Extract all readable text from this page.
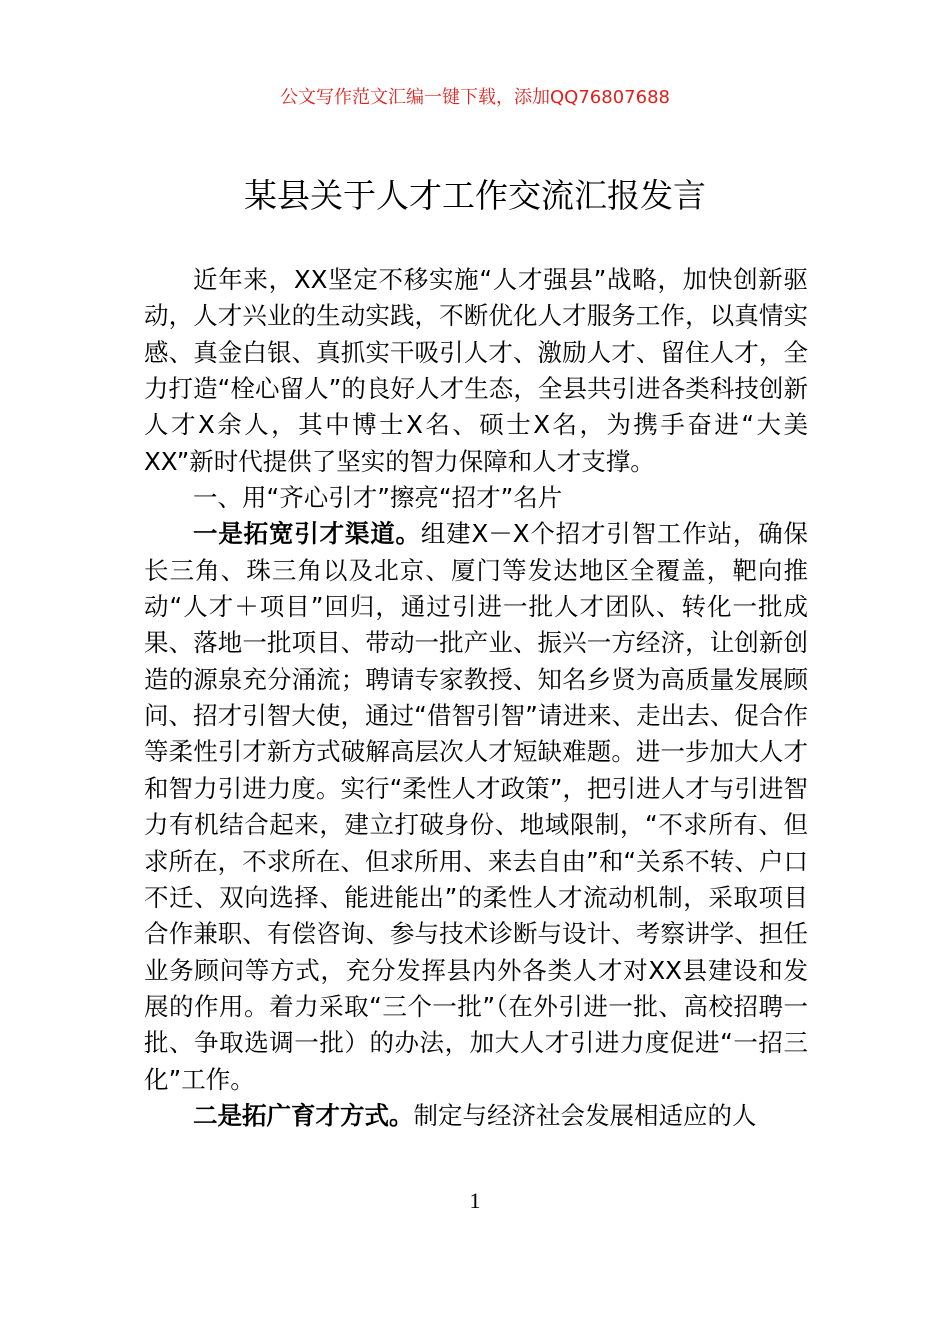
公文写作范文汇编一键下载，添加QQ76807688
某县关于人才工作交流汇报发言

近年来，XX坚定不移实施“人才强县”战略，加快创新驱动，人才兴业的生动实践，不断优化人才服务工作，以真情实感、真金白银、真抓实干吸引人才、激励人才、留住人才，全力打造“栓心留人”的良好人才生态，全县共引进各类科技创新人才X余人，其中博士X名、硕士X名，为携手奋进“大美XX”新时代提供了坚实的智力保障和人才支撑。

一、用“齐心引才”擦亮“招才”名片

一是拓宽引才渠道。组建X－X个招才引智工作站，确保长三角、珠三角以及北京、厦门等发达地区全覆盖，靶向推动“人才＋项目”回归，通过引进一批人才团队、转化一批成果、落地一批项目、带动一批产业、振兴一方经济，让创新创造的源泉充分涌流；聘请专家教授、知名乡贤为高质量发展顾问、招才引智大使，通过“借智引智”请进来、走出去、促合作等柔性引才新方式破解高层次人才短缺难题。进一步加大人才和智力引进力度。实行“柔性人才政策”，把引进人才与引进智力有机结合起来，建立打破身份、地域限制，“不求所有、但求所在，不求所在、但求所用、来去自由”和“关系不转、户口不迁、双向选择、能进能出”的柔性人才流动机制，采取项目合作兼职、有偿咨询、参与技术诊断与设计、考察讲学、担任业务顾问等方式，充分发挥县内外各类人才对XX县建设和发展的作用。着力采取“三个一批”（在外引进一批、高校招聘一批、争取选调一批）的办法，加大人才引进力度促进“一招三化”工作。

二是拓广育才方式。制定与经济社会发展相适应的人

1
